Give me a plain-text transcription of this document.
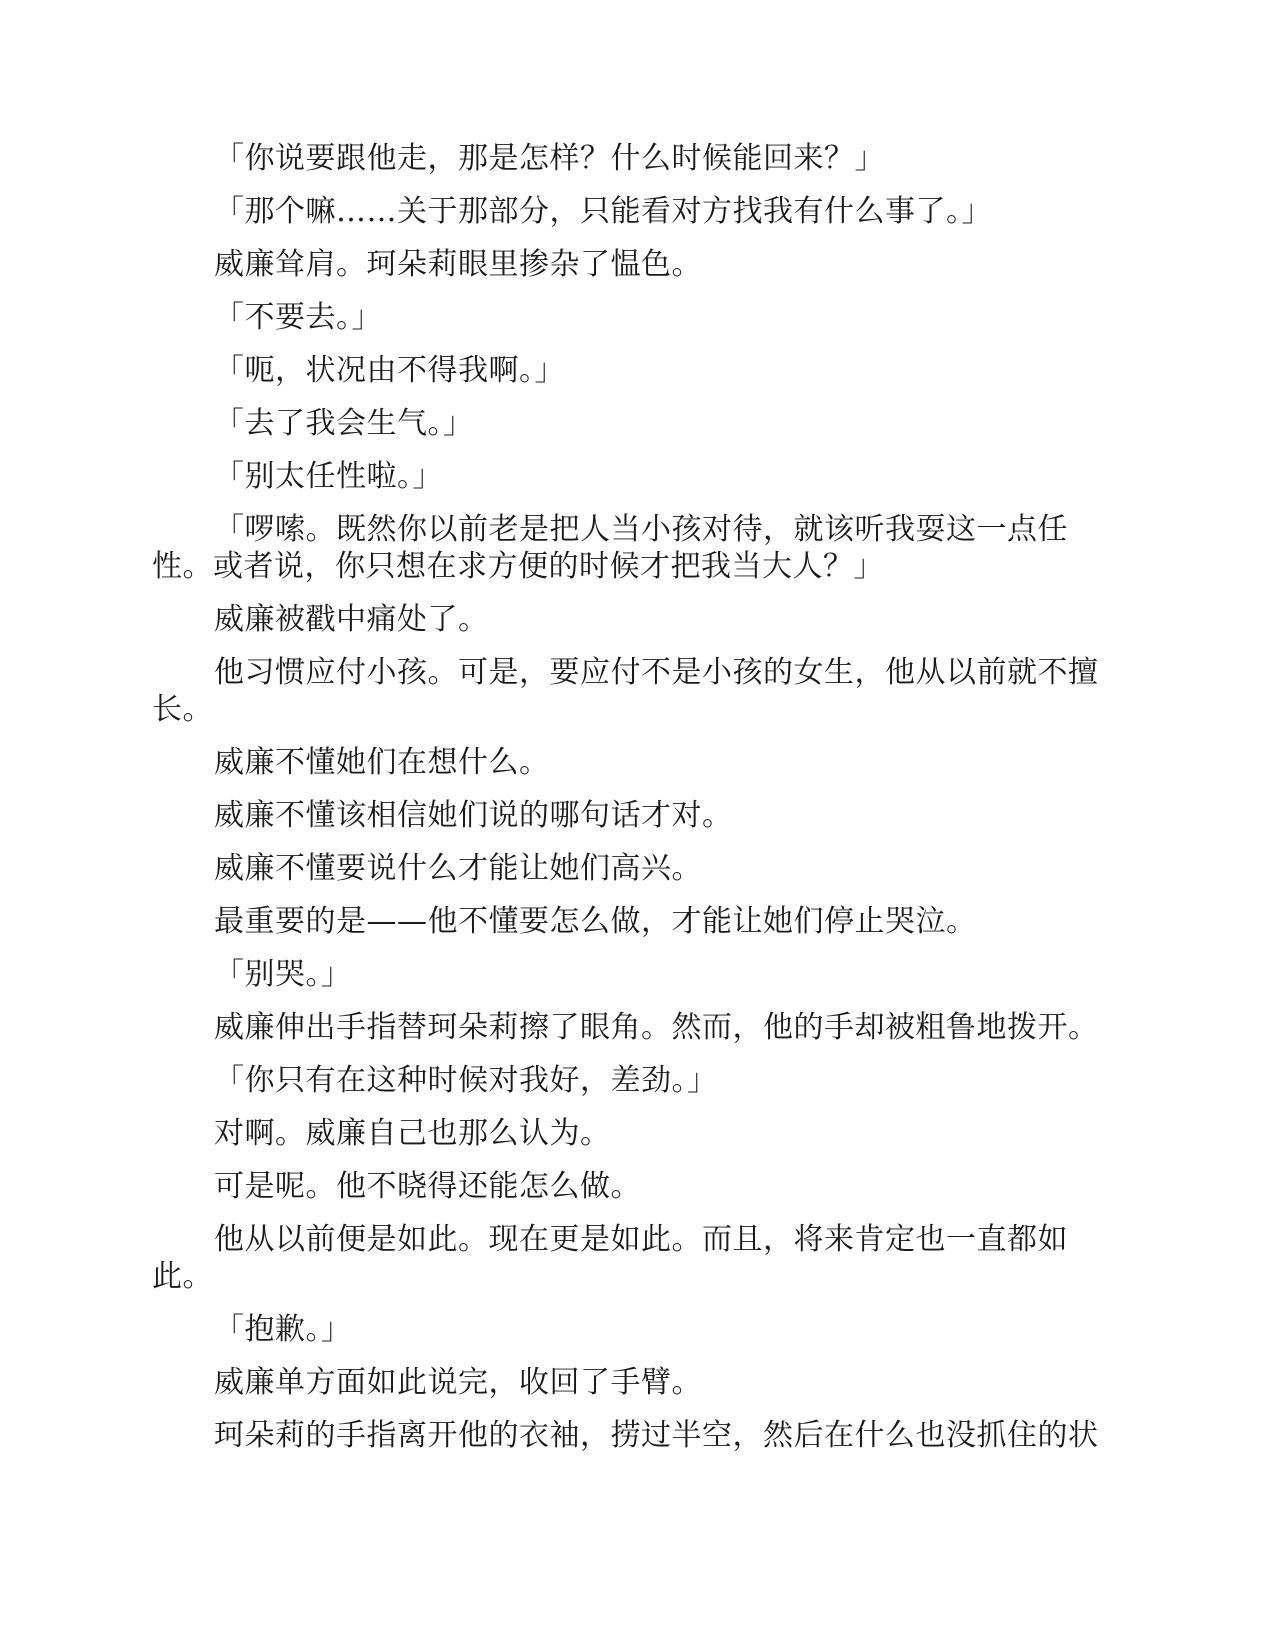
「你说要跟他走，那是怎样？什么时候能回来？」

「那个嘛……关于那部分，只能看对方找我有什么事了。」

威廉耸肩。珂朵莉眼里掺杂了愠色。

「不要去。」

「呃，状况由不得我啊。」

「去了我会生气。」

「别太任性啦。」

「啰嗦。既然你以前老是把人当小孩对待，就该听我耍这一点任性。或者说，你只想在求方便的时候才把我当大人？」

威廉被戳中痛处了。

他习惯应付小孩。可是，要应付不是小孩的女生，他从以前就不擅长。

威廉不懂她们在想什么。

威廉不懂该相信她们说的哪句话才对。

威廉不懂要说什么才能让她们高兴。

最重要的是——他不懂要怎么做，才能让她们停止哭泣。

「别哭。」

威廉伸出手指替珂朵莉擦了眼角。然而，他的手却被粗鲁地拨开。

「你只有在这种时候对我好，差劲。」

对啊。威廉自己也那么认为。

可是呢。他不晓得还能怎么做。

他从以前便是如此。现在更是如此。而且，将来肯定也一直都如此。

「抱歉。」

威廉单方面如此说完，收回了手臂。

珂朵莉的手指离开他的衣袖，捞过半空，然后在什么也没抓住的状
